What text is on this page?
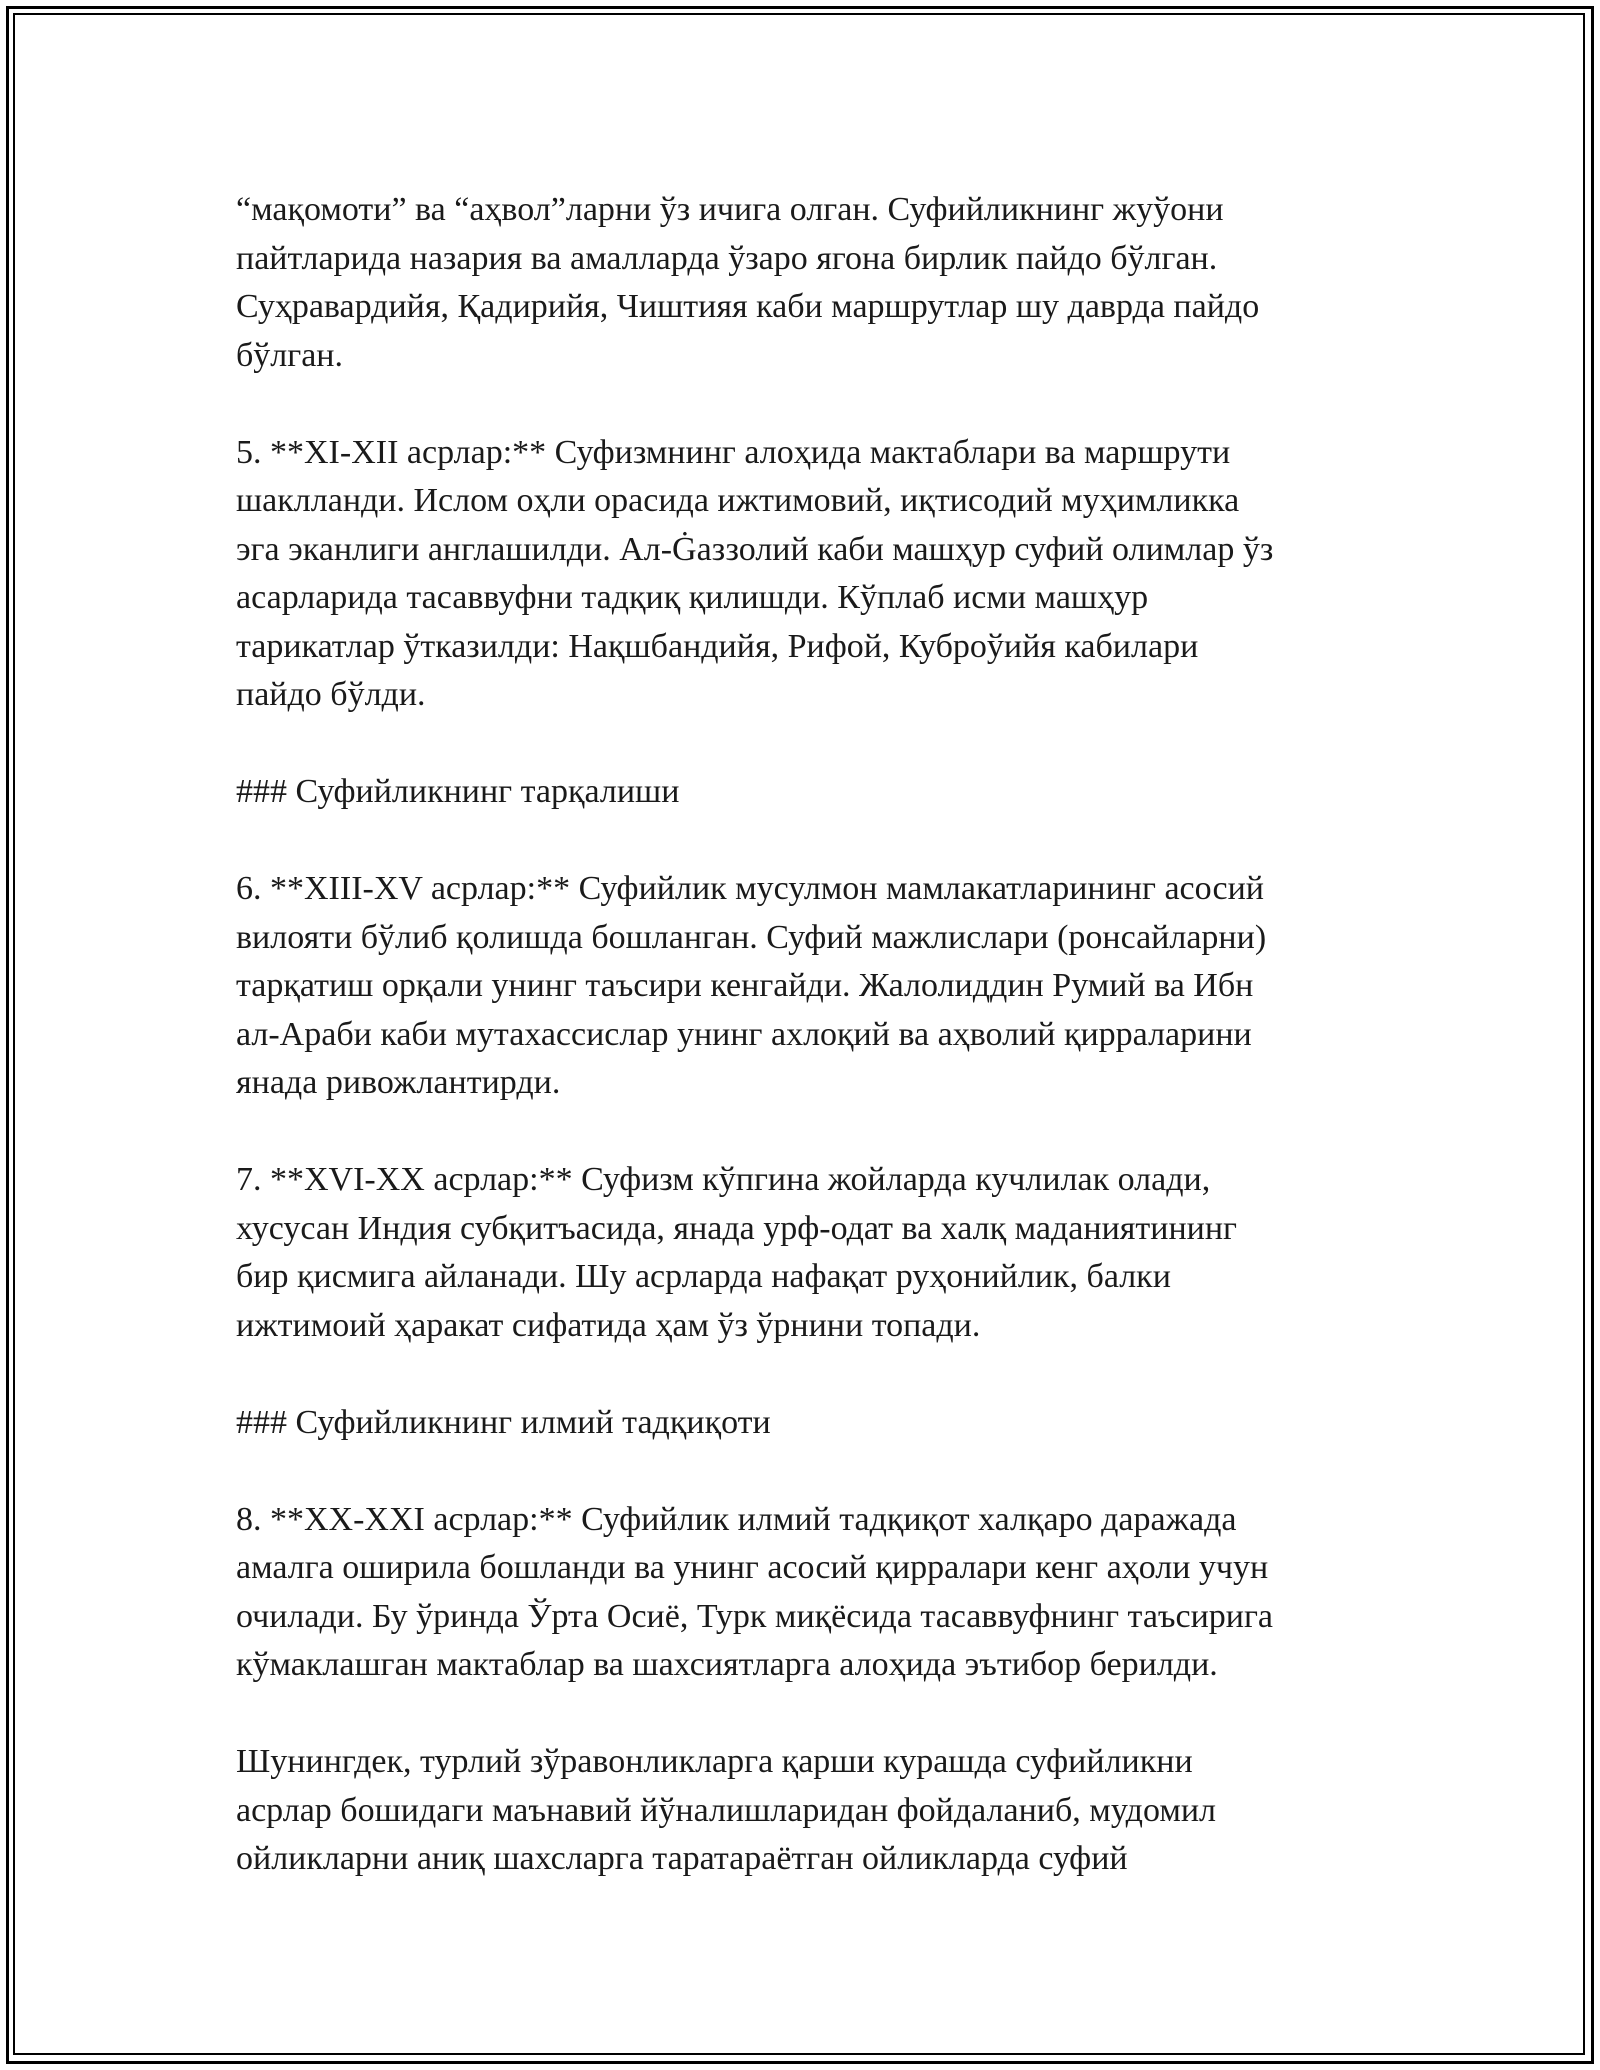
“мақомоти” ва “аҳвол”ларни ўз ичига олган. Суфийликнинг жуўони
пайтларида назария ва амалларда ўзаро ягона бирлик пайдо бўлган.
Суҳравардийя, Қадирийя, Чиштияя каби маршрутлар шу даврда пайдо
бўлган.
5. **XI-XII асрлар:** Суфизмнинг алоҳида мактаблари ва маршрути
шаклланди. Ислом оҳли орасида ижтимовий, иқтисодий муҳимликка
эга эканлиги англашилди. Ал-Ġаззолий каби машҳур суфий олимлар ўз
асарларида тасаввуфни тадқиқ қилишди. Кўплаб исми машҳур
тарикатлар ўтказилди: Нақшбандийя, Рифой, Куброўийя кабилари
пайдо бўлди.
### Суфийликнинг тарқалиши
6. **XIII-XV асрлар:** Суфийлик мусулмон мамлакатларининг асосий
вилояти бўлиб қолишда бошланган. Суфий мажлислари (ронсайларни)
тарқатиш орқали унинг таъсири кенгайди. Жалолиддин Румий ва Ибн
ал-Араби каби мутахассислар унинг ахлоқий ва аҳволий қирраларини
янада ривожлантирди.
7. **XVI-XX асрлар:** Суфизм кўпгина жойларда кучлилак олади,
хусусан Индия субқитъасида, янада урф-одат ва халқ маданиятининг
бир қисмига айланади. Шу асрларда нафақат руҳонийлик, балки
ижтимоий ҳаракат сифатида ҳам ўз ўрнини топади.
### Суфийликнинг илмий тадқиқоти
8. **XX-XXI асрлар:** Суфийлик илмий тадқиқот халқаро даражада
амалга оширила бошланди ва унинг асосий қирралари кенг аҳоли учун
очилади. Бу ўринда Ўрта Осиё, Турк миқёсида тасаввуфнинг таъсирига
кўмаклашган мактаблар ва шахсиятларга алоҳида эътибор берилди.
Шунингдек, турлий зўравонликларга қарши курашда суфийликни
асрлар бошидаги маънавий йўналишларидан фойдаланиб, мудомил
ойликларни аниқ шахсларга таратараётган ойликларда суфий
